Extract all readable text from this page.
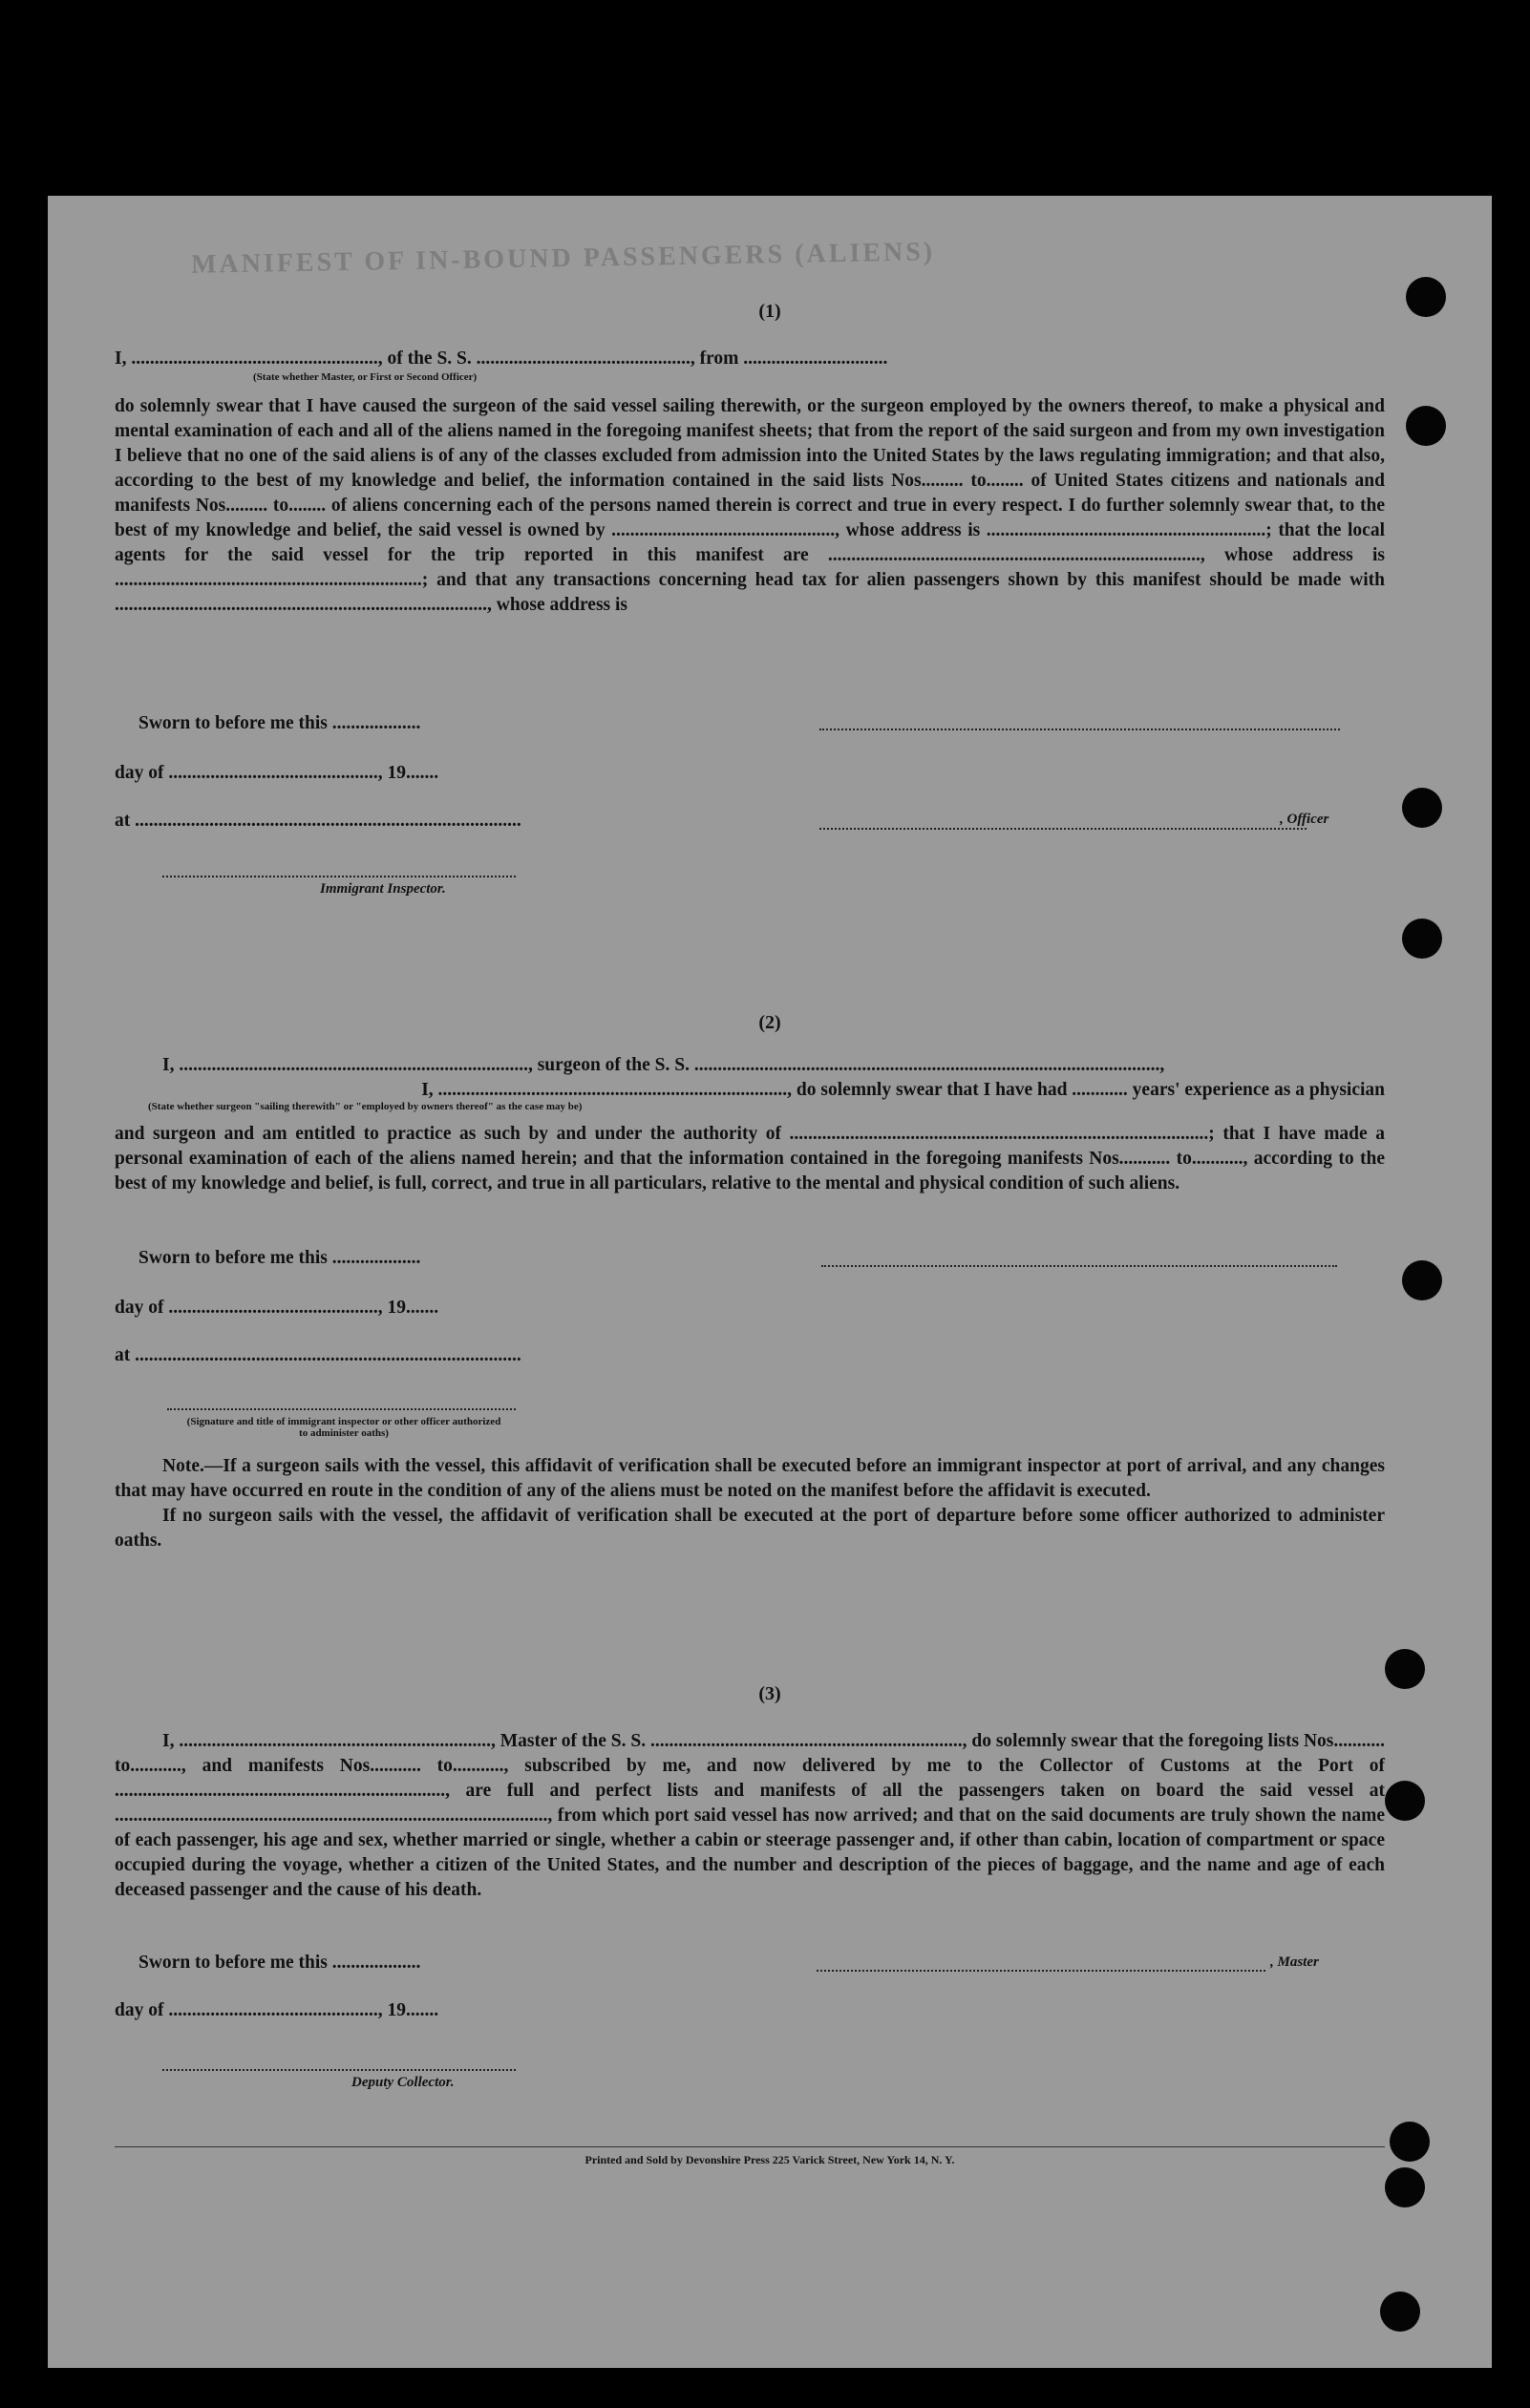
MANIFEST OF IN-BOUND PASSENGERS (ALIENS)
(1)
I, ....................................................., of the S. S. .............................................., from ...............................
(State whether Master, or First or Second Officer)

do solemnly swear that I have caused the surgeon of the said vessel sailing therewith, or the surgeon employed by the owners thereof, to make a physical and mental examination of each and all of the aliens named in the foregoing manifest sheets; that from the report of the said surgeon and from my own investigation I believe that no one of the said aliens is of any of the classes excluded from admission into the United States by the laws regulating immigration; and that also, according to the best of my knowledge and belief, the information contained in the said lists Nos......... to........ of United States citizens and nationals and manifests Nos......... to........ of aliens concerning each of the persons named therein is correct and true in every respect. I do further solemnly swear that, to the best of my knowledge and belief, the said vessel is owned by ................................................, whose address is ............................................................; that the local agents for the said vessel for the trip reported in this manifest are ................................................................................, whose address is ..................................................................; and that any transactions concerning head tax for alien passengers shown by this manifest should be made with ................................................................................, whose address is

Sworn to before me this ...................
day of ............................................., 19.......
at ...................................................................................	, Officer
Immigrant Inspector.
(2)
I, ..........................................................................., surgeon of the S. S. ....................................................................................................,
I, ..........................................................................., do solemnly swear that I have had ............ years' experience as a physician
(State whether surgeon "sailing therewith" or "employed by owners thereof" as the case may be)

and surgeon and am entitled to practice as such by and under the authority of ..........................................................................................; that I have made a personal examination of each of the aliens named herein; and that the information contained in the foregoing manifests Nos........... to..........., according to the best of my knowledge and belief, is full, correct, and true in all particulars, relative to the mental and physical condition of such aliens.

Sworn to before me this ...................
day of ............................................., 19.......
at ...................................................................................
(Signature and title of immigrant inspector or other officer authorized to administer oaths)

Note.—If a surgeon sails with the vessel, this affidavit of verification shall be executed before an immigrant inspector at port of arrival, and any changes that may have occurred en route in the condition of any of the aliens must be noted on the manifest before the affidavit is executed.

If no surgeon sails with the vessel, the affidavit of verification shall be executed at the port of departure before some officer authorized to administer oaths.

(3)

I, ..................................................................., Master of the S. S. ..................................................................., do solemnly swear that the foregoing lists Nos........... to..........., and manifests Nos........... to..........., subscribed by me, and now delivered by me to the Collector of Customs at the Port of ......................................................................., are full and perfect lists and manifests of all the passengers taken on board the said vessel at ............................................................................................., from which port said vessel has now arrived; and that on the said documents are truly shown the name of each passenger, his age and sex, whether married or single, whether a cabin or steerage passenger and, if other than cabin, location of compartment or space occupied during the voyage, whether a citizen of the United States, and the number and description of the pieces of baggage, and the name and age of each deceased passenger and the cause of his death.

Sworn to before me this ...................	, Master
day of ............................................., 19.......
Deputy Collector.
Printed and Sold by Devonshire Press 225 Varick Street, New York 14, N. Y.
